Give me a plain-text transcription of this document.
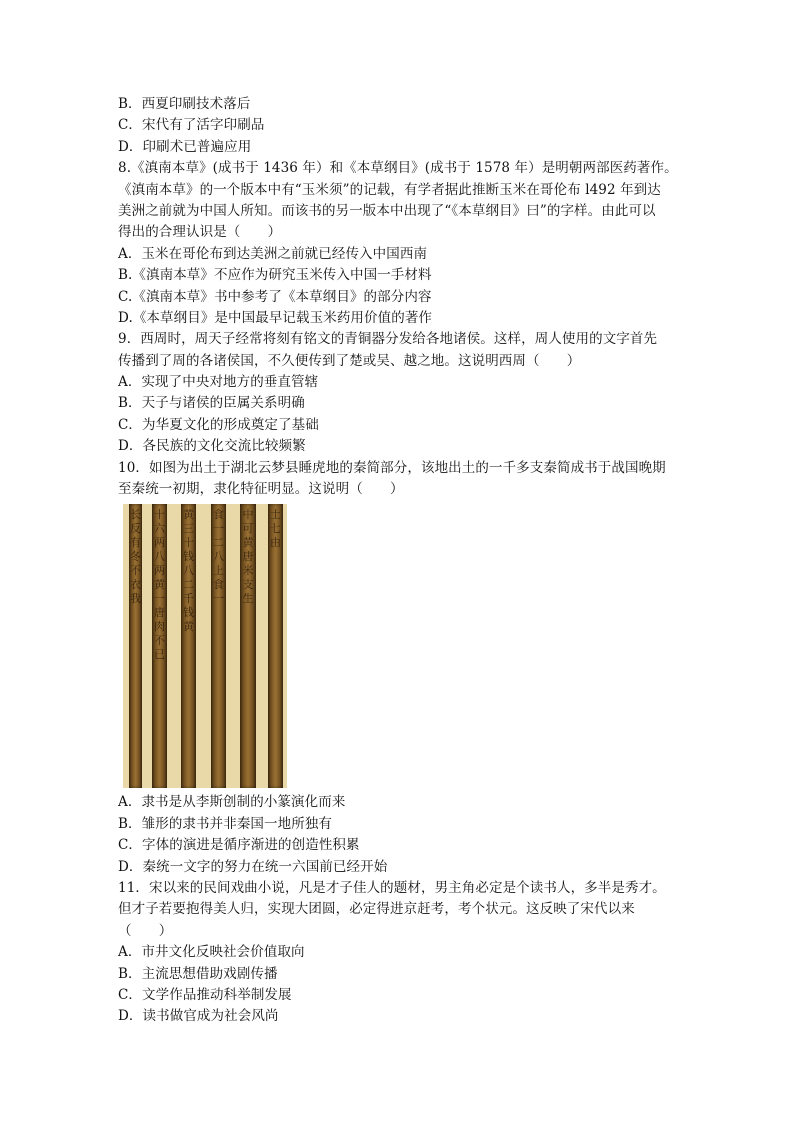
B．西夏印刷技术落后
C．宋代有了活字印刷品
D．印刷术已普遍应用
8.《滇南本草》(成书于 1436 年）和《本草纲目》(成书于 1578 年）是明朝两部医药著作。
《滇南本草》的一个版本中有“玉米须”的记载，有学者据此推断玉米在哥伦布 l492 年到达
美洲之前就为中国人所知。而该书的另一版本中出现了“《本草纲目》曰”的字样。由此可以
得出的合理认识是（　　）
A．玉米在哥伦布到达美洲之前就已经传入中国西南
B.《滇南本草》不应作为研究玉米传入中国一手材料
C.《滇南本草》书中参考了《本草纲目》的部分内容
D.《本草纲目》是中国最早记载玉米药用价值的著作
9．西周时，周天子经常将刻有铭文的青铜器分发给各地诸侯。这样，周人使用的文字首先
传播到了周的各诸侯国，不久便传到了楚或吴、越之地。这说明西周（　　）
A．实现了中央对地方的垂直管辖
B．天子与诸侯的臣属关系明确
C．为华夏文化的形成奠定了基础
D．各民族的文化交流比较频繁
10．如图为出土于湖北云梦县睡虎地的秦简部分，该地出土的一千多支秦简成书于战国晚期
至秦统一初期，隶化特征明显。这说明（　　）
长反有冬不衣我
十六两八两黄一唐肉不已
黄三十钱八二千钱黄
食一二八上食一
中可黄唐米支生
土七由
A．隶书是从李斯创制的小篆演化而来
B．雏形的隶书并非秦国一地所独有
C．字体的演进是循序渐进的创造性积累
D．秦统一文字的努力在统一六国前已经开始
11．宋以来的民间戏曲小说，凡是才子佳人的题材，男主角必定是个读书人，多半是秀才。
但才子若要抱得美人归，实现大团圆，必定得进京赶考，考个状元。这反映了宋代以来
（　　）
A．市井文化反映社会价值取向
B．主流思想借助戏剧传播
C．文学作品推动科举制发展
D．读书做官成为社会风尚
